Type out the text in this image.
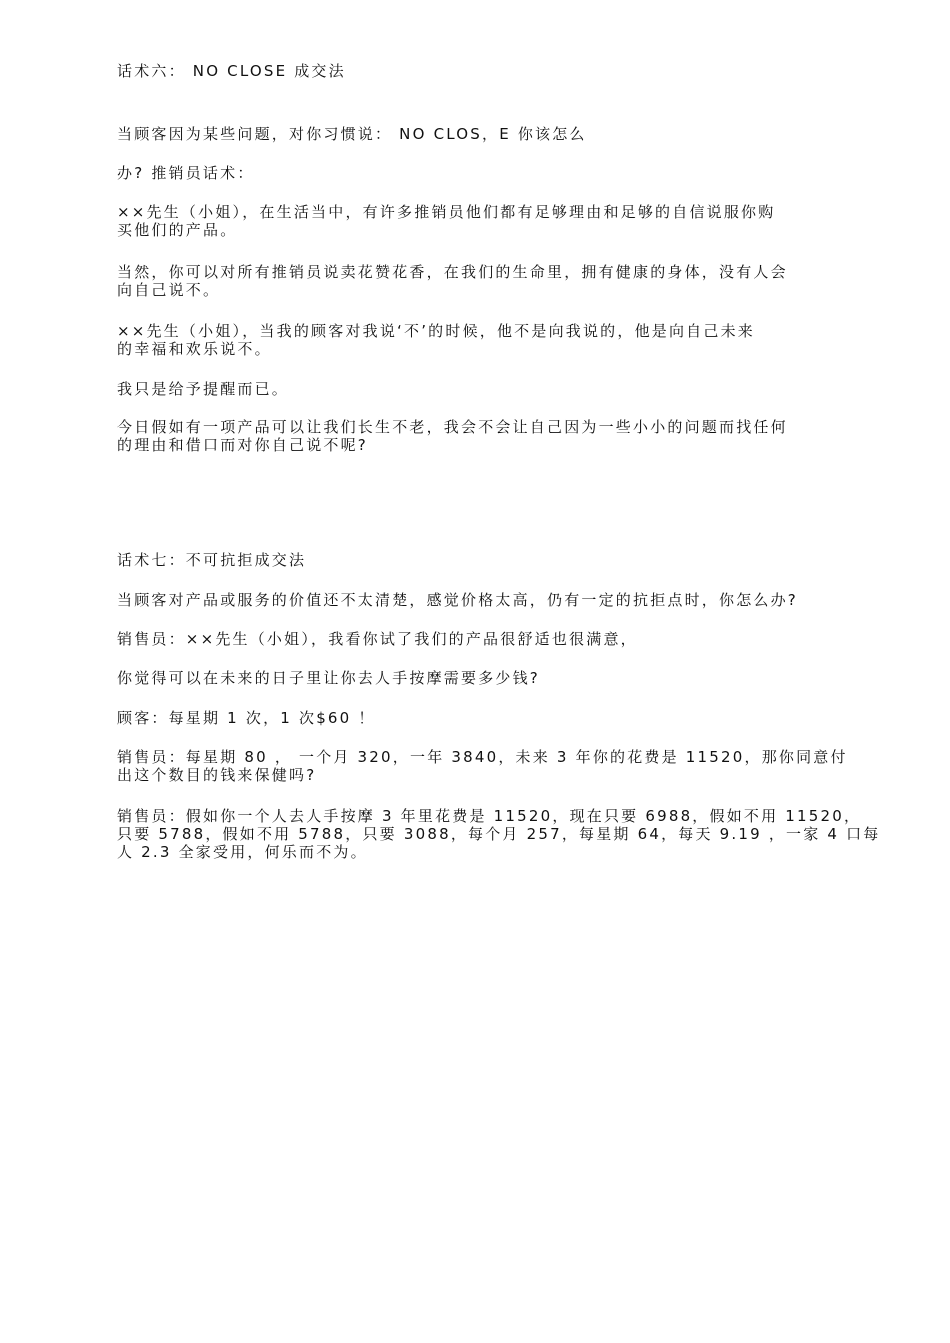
话术六： NO CLOSE 成交法
当顾客因为某些问题，对你习惯说： NO CLOS，E 你该怎么
办? 推销员话术：
××先生（小姐），在生活当中，有许多推销员他们都有足够理由和足够的自信说服你购
买他们的产品。
当然，你可以对所有推销员说卖花赞花香，在我们的生命里，拥有健康的身体，没有人会
向自己说不。
××先生（小姐），当我的顾客对我说‘不’的时候，他不是向我说的，他是向自己未来
的幸福和欢乐说不。
我只是给予提醒而已。
今日假如有一项产品可以让我们长生不老，我会不会让自己因为一些小小的问题而找任何
的理由和借口而对你自己说不呢?
话术七：不可抗拒成交法
当顾客对产品或服务的价值还不太清楚，感觉价格太高，仍有一定的抗拒点时，你怎么办?
销售员：××先生（小姐），我看你试了我们的产品很舒适也很满意，
你觉得可以在未来的日子里让你去人手按摩需要多少钱?
顾客：每星期 1 次，1 次$60 ！
销售员：每星期 80 ， 一个月 320，一年 3840，未来 3 年你的花费是 11520，那你同意付
出这个数目的钱来保健吗?
销售员：假如你一个人去人手按摩 3 年里花费是 11520，现在只要 6988，假如不用 11520，
只要 5788，假如不用 5788，只要 3088，每个月 257，每星期 64，每天 9.19 ，一家 4 口每
人 2.3 全家受用，何乐而不为。
